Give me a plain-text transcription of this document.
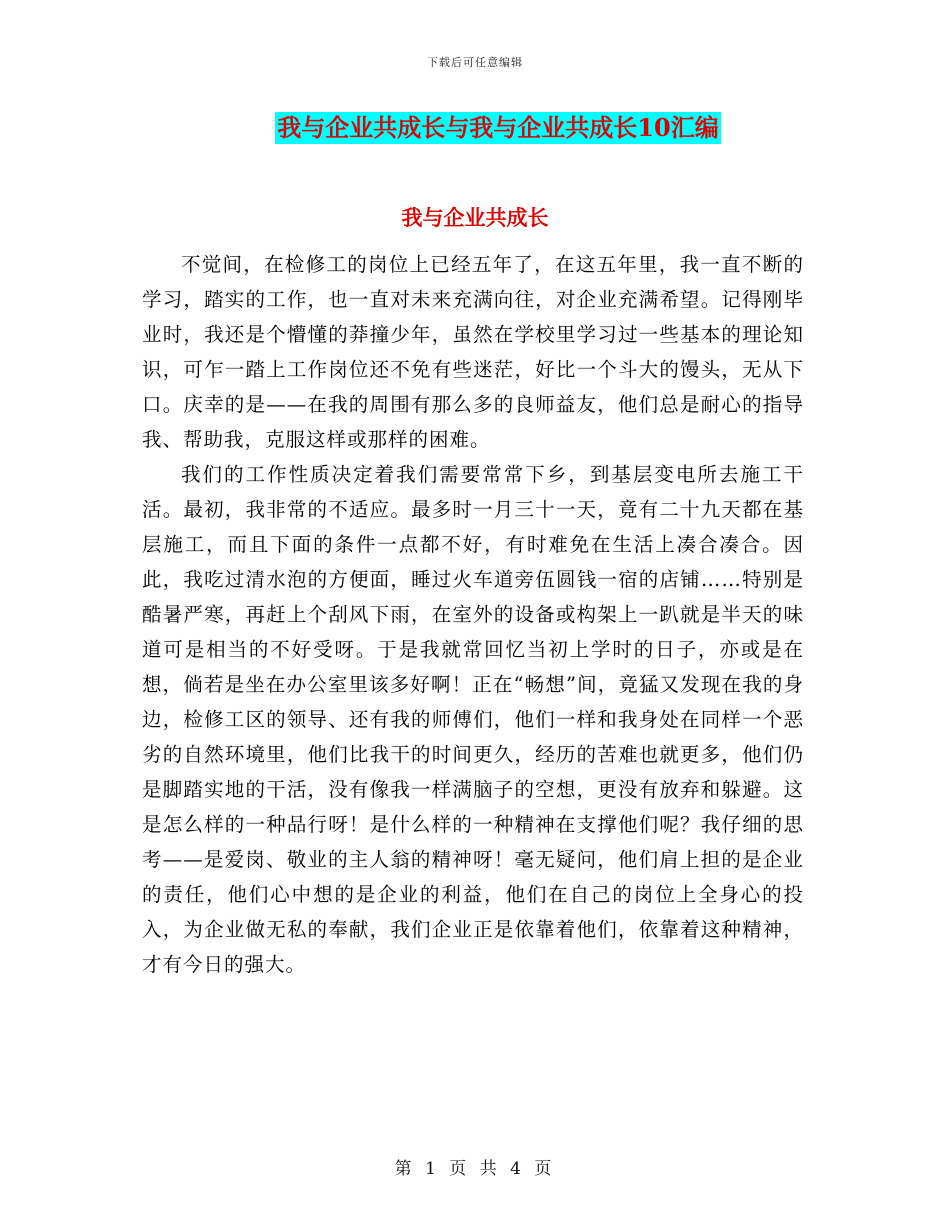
下载后可任意编辑
我与企业共成长与我与企业共成长10汇编
我与企业共成长

不觉间，在检修工的岗位上已经五年了，在这五年里，我一直不断的学习，踏实的工作，也一直对未来充满向往，对企业充满希望。记得刚毕业时，我还是个懵懂的莽撞少年，虽然在学校里学习过一些基本的理论知识，可乍一踏上工作岗位还不免有些迷茫，好比一个斗大的馒头，无从下口。庆幸的是——在我的周围有那么多的良师益友，他们总是耐心的指导我、帮助我，克服这样或那样的困难。

我们的工作性质决定着我们需要常常下乡，到基层变电所去施工干活。最初，我非常的不适应。最多时一月三十一天，竟有二十九天都在基层施工，而且下面的条件一点都不好，有时难免在生活上凑合凑合。因此，我吃过清水泡的方便面，睡过火车道旁伍圆钱一宿的店铺……特别是酷暑严寒，再赶上个刮风下雨，在室外的设备或构架上一趴就是半天的味道可是相当的不好受呀。于是我就常回忆当初上学时的日子，亦或是在想，倘若是坐在办公室里该多好啊！正在“畅想”间，竟猛又发现在我的身边，检修工区的领导、还有我的师傅们，他们一样和我身处在同样一个恶劣的自然环境里，他们比我干的时间更久，经历的苦难也就更多，他们仍是脚踏实地的干活，没有像我一样满脑子的空想，更没有放弃和躲避。这是怎么样的一种品行呀！是什么样的一种精神在支撑他们呢？我仔细的思考——是爱岗、敬业的主人翁的精神呀！毫无疑问，他们肩上担的是企业的责任，他们心中想的是企业的利益，他们在自己的岗位上全身心的投入，为企业做无私的奉献，我们企业正是依靠着他们，依靠着这种精神，才有今日的强大。

第 1 页 共 4 页
